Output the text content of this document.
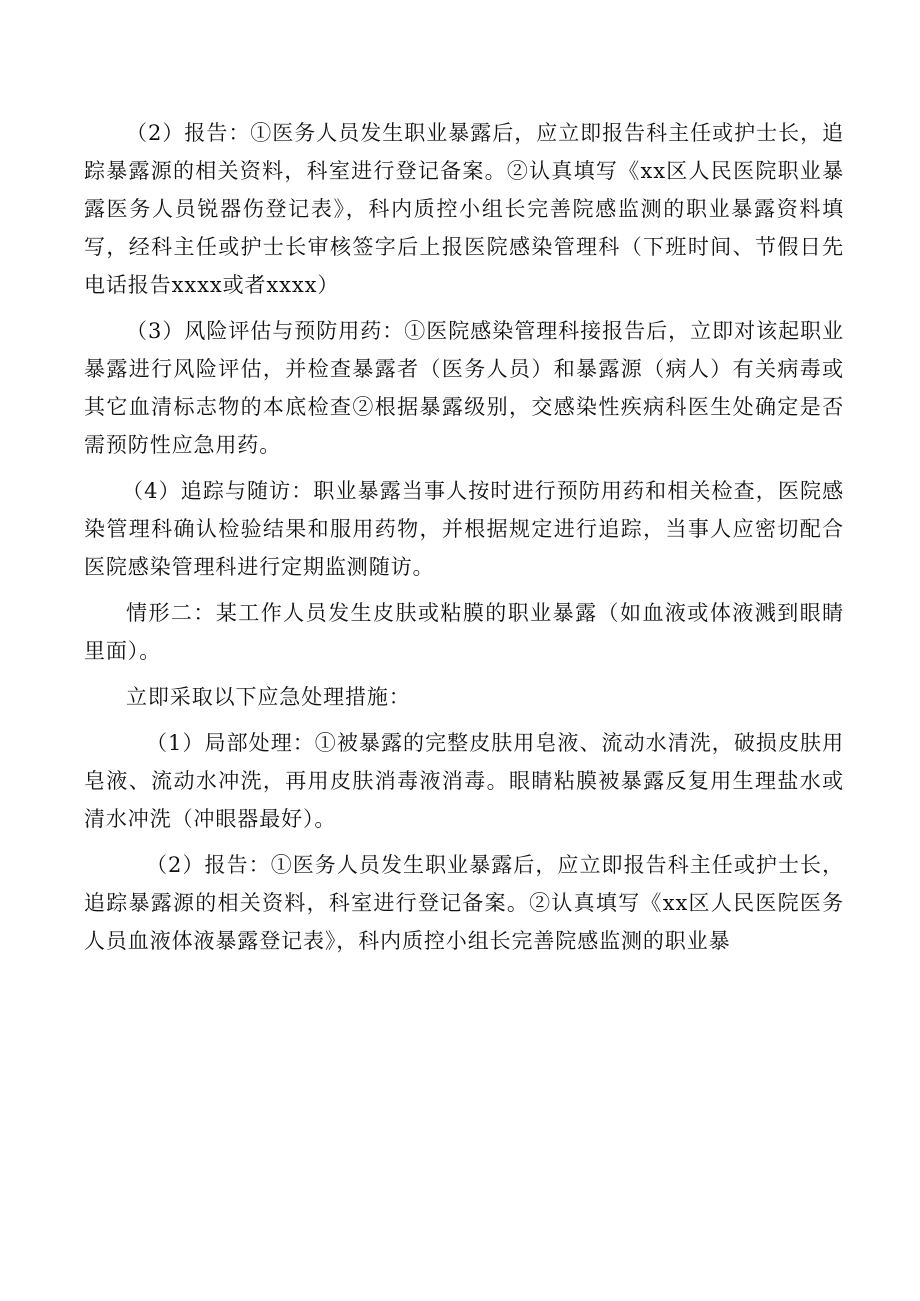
（2）报告：①医务人员发生职业暴露后，应立即报告科主任或护士长，追踪暴露源的相关资料，科室进行登记备案。②认真填写《xx区人民医院职业暴露医务人员锐器伤登记表》，科内质控小组长完善院感监测的职业暴露资料填写，经科主任或护士长审核签字后上报医院感染管理科（下班时间、节假日先电话报告xxxx或者xxxx）

（3）风险评估与预防用药：①医院感染管理科接报告后，立即对该起职业暴露进行风险评估，并检查暴露者（医务人员）和暴露源（病人）有关病毒或其它血清标志物的本底检查②根据暴露级别，交感染性疾病科医生处确定是否需预防性应急用药。

（4）追踪与随访：职业暴露当事人按时进行预防用药和相关检查，医院感染管理科确认检验结果和服用药物，并根据规定进行追踪，当事人应密切配合医院感染管理科进行定期监测随访。

情形二：某工作人员发生皮肤或粘膜的职业暴露（如血液或体液溅到眼睛里面）。

立即采取以下应急处理措施：

（1）局部处理：①被暴露的完整皮肤用皂液、流动水清洗，破损皮肤用皂液、流动水冲洗，再用皮肤消毒液消毒。眼睛粘膜被暴露反复用生理盐水或清水冲洗（冲眼器最好）。

（2）报告：①医务人员发生职业暴露后，应立即报告科主任或护士长，追踪暴露源的相关资料，科室进行登记备案。②认真填写《xx区人民医院医务人员血液体液暴露登记表》，科内质控小组长完善院感监测的职业暴
